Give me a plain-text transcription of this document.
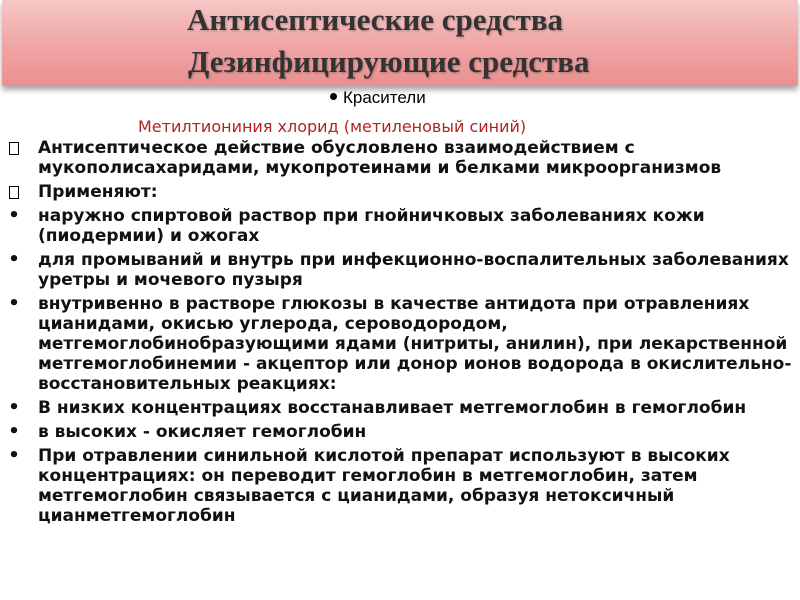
Антисептические средства
Дезинфицирующие средства
Красители
Метилтиониния хлорид (метиленовый синий)
Антисептическое действие обусловлено взаимодействием с мукополисахаридами, мукопротеинами и белками микроорганизмов
Применяют:
•
наружно спиртовой раствор при гнойничковых заболеваниях кожи (пиодермии) и ожогах
•
для промываний и внутрь при инфекционно-воспалительных заболеваниях уретры и мочевого пузыря
•
внутривенно в растворе глюкозы в качестве антидота при отравлениях цианидами, окисью углерода, сероводородом, метгемоглобинобразующими ядами (нитриты, анилин), при лекарственной метгемоглобинемии - акцептор или донор ионов водорода в окислительно-восстановительных реакциях:
•
В низких концентрациях восстанавливает метгемоглобин в гемоглобин
•
в высоких - окисляет гемоглобин
•
При отравлении синильной кислотой препарат используют в высоких концентрациях: он переводит гемоглобин в метгемоглобин, затем метгемоглобин связывается с цианидами, образуя нетоксичный цианметгемоглобин
